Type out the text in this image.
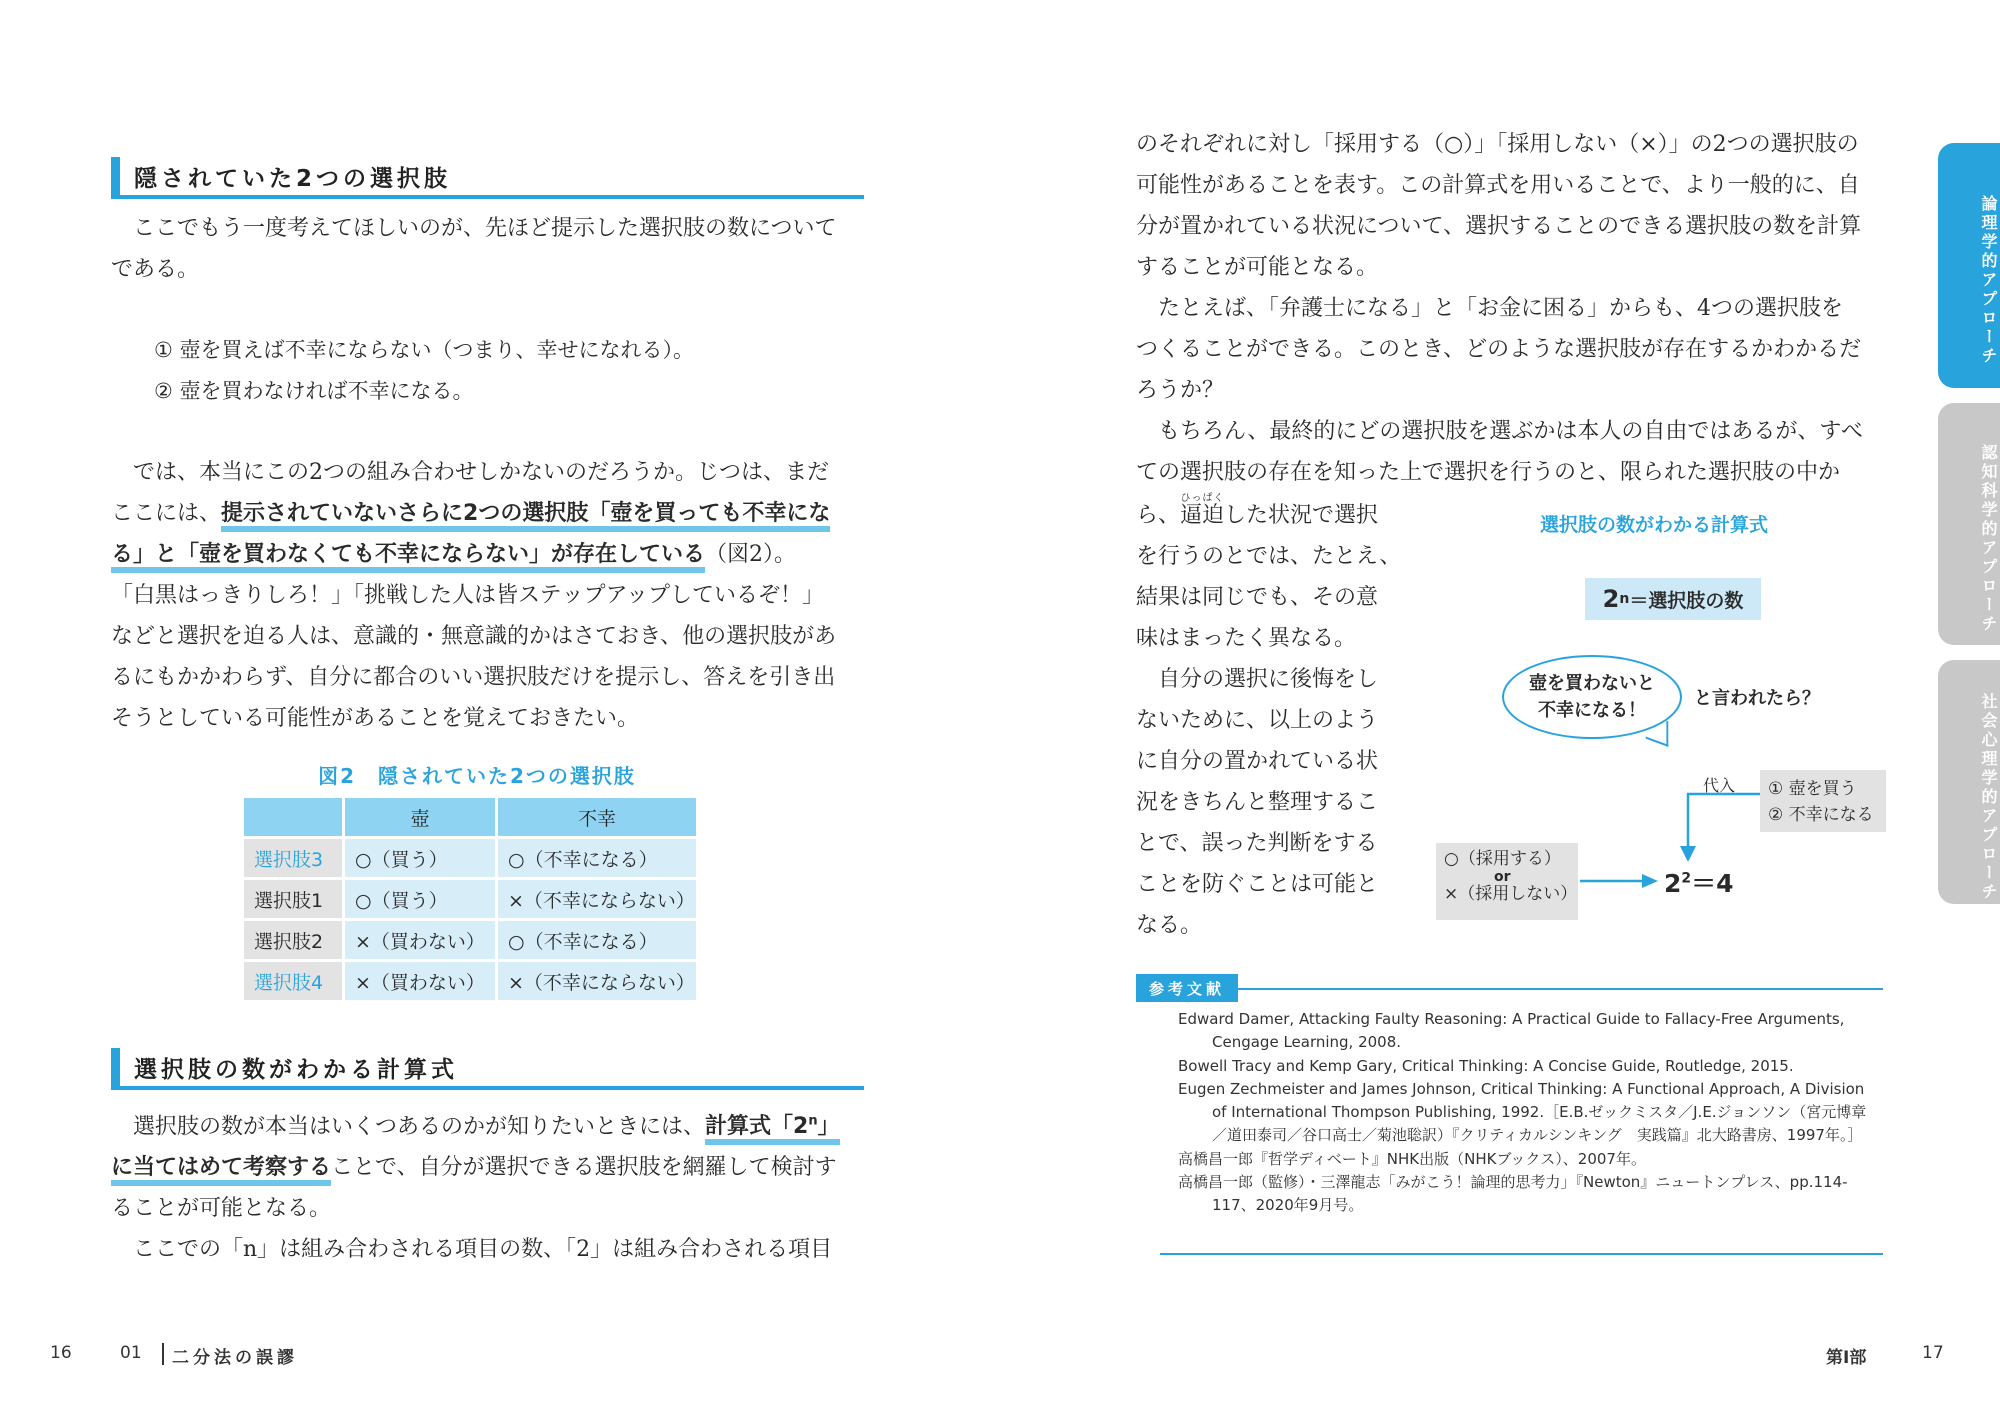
隠されていた2つの選択肢
ここでもう一度考えてほしいのが、先ほど提示した選択肢の数について
である。
① 壺を買えば不幸にならない（つまり、幸せになれる）。
② 壺を買わなければ不幸になる。
では、本当にこの2つの組み合わせしかないのだろうか。じつは、まだ
ここには、提示されていないさらに2つの選択肢「壺を買っても不幸にな
る」と「壺を買わなくても不幸にならない」が存在している（図2）。
「白黒はっきりしろ！」「挑戦した人は皆ステップアップしているぞ！」
などと選択を迫る人は、意識的・無意識的かはさておき、他の選択肢があ
るにもかかわらず、自分に都合のいい選択肢だけを提示し、答えを引き出
そうとしている可能性があることを覚えておきたい。
図2　隠されていた2つの選択肢
	壺	不幸
選択肢3	○（買う）	○（不幸になる）
選択肢1	○（買う）	×（不幸にならない）
選択肢2	×（買わない）	○（不幸になる）
選択肢4	×（買わない）	×（不幸にならない）
選択肢の数がわかる計算式
選択肢の数が本当はいくつあるのかが知りたいときには、計算式「2$^n$」
に当てはめて考察することで、自分が選択できる選択肢を網羅して検討す
ることが可能となる。
ここでの「n」は組み合わされる項目の数、「2」は組み合わされる項目
16	01 二分法の誤謬
のそれぞれに対し「採用する（○）」「採用しない（×）」の2つの選択肢の
可能性があることを表す。この計算式を用いることで、より一般的に、自
分が置かれている状況について、選択することのできる選択肢の数を計算
することが可能となる。
たとえば、「弁護士になる」と「お金に困る」からも、4つの選択肢を
つくることができる。このとき、どのような選択肢が存在するかわかるだ
ろうか？
もちろん、最終的にどの選択肢を選ぶかは本人の自由ではあるが、すべ
ての選択肢の存在を知った上で選択を行うのと、限られた選択肢の中か
ら、逼迫ひっぱくした状況で選択
を行うのとでは、たとえ、
結果は同じでも、その意
味はまったく異なる。
自分の選択に後悔をし
ないために、以上のよう
に自分の置かれている状
況をきちんと整理するこ
とで、誤った判断をする
ことを防ぐことは可能と
なる。
選択肢の数がわかる計算式
2 n ＝選択肢の数
壺を買わないと
不幸になる！
と言われたら？
代入 ① 壺を買う
② 不幸になる
○（採用する）
or
×（採用しない）	$2^2=4$
参考文献

Edward Damer, Attacking Faulty Reasoning: A Practical Guide to Fallacy-Free Arguments, Cengage Learning, 2008.

Bowell Tracy and Kemp Gary, Critical Thinking: A Concise Guide, Routledge, 2015.

Eugen Zechmeister and James Johnson, Critical Thinking: A Functional Approach, A Division of International Thompson Publishing, 1992.［E.B.ゼックミスタ／J.E.ジョンソン（宮元博章／道田泰司／谷口高士／菊池聡訳）『クリティカルシンキング　実践篇』北大路書房、1997年。］

高橋昌一郎『哲学ディベート』NHK出版（NHKブックス）、2007年。

高橋昌一郎（監修）・三澤龍志「みがこう！論理的思考力」『Newton』ニュートンプレス、pp.114-117、2020年9月号。

論理学的アプローチ
認知科学的アプローチ
社会心理学的アプローチ
第Ⅰ部	17
